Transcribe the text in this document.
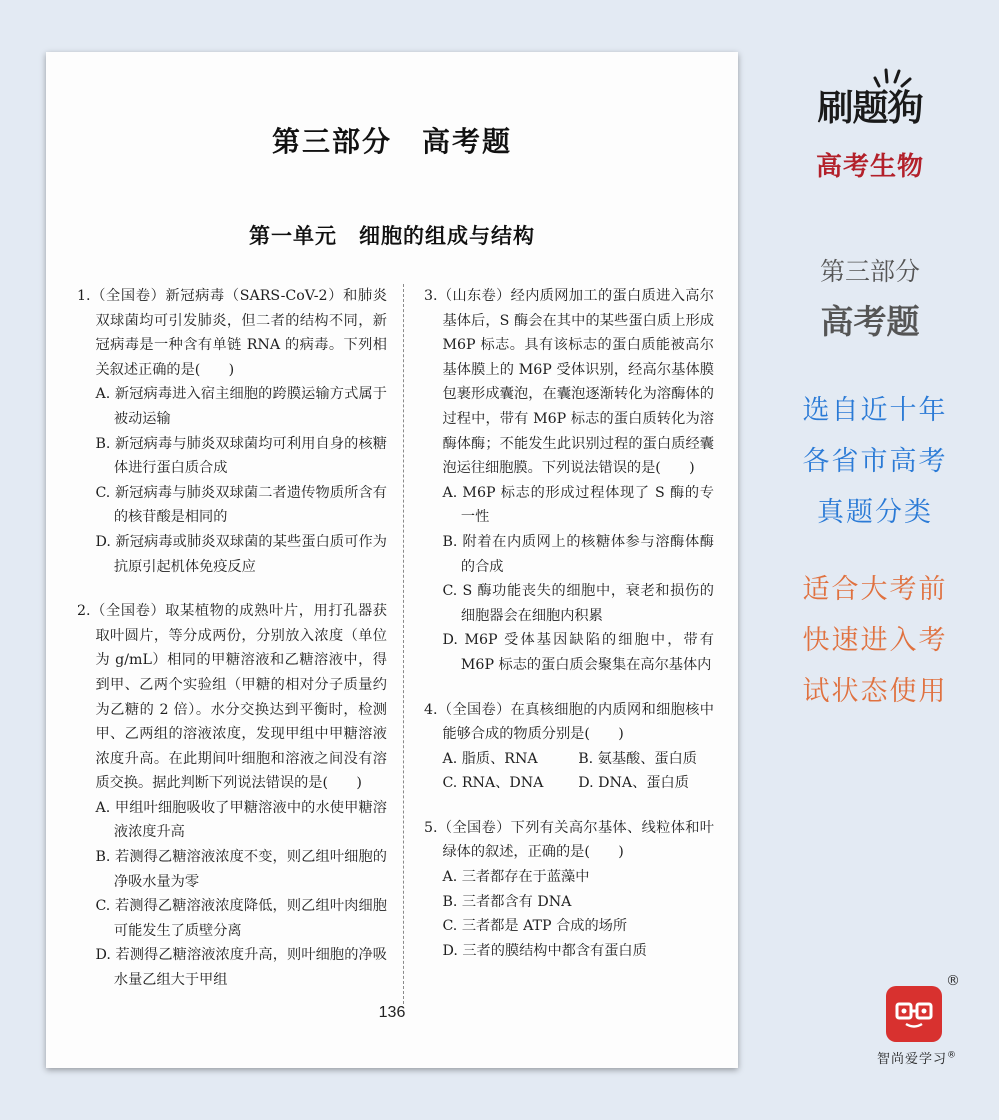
第三部分　高考题
第一单元　细胞的组成与结构
1.（全国卷）新冠病毒（SARS-CoV-2）和肺炎双球菌均可引发肺炎，但二者的结构不同，新冠病毒是一种含有单链 RNA 的病毒。下列相关叙述正确的是(　　)
A. 新冠病毒进入宿主细胞的跨膜运输方式属于被动运输
B. 新冠病毒与肺炎双球菌均可利用自身的核糖体进行蛋白质合成
C. 新冠病毒与肺炎双球菌二者遗传物质所含有的核苷酸是相同的
D. 新冠病毒或肺炎双球菌的某些蛋白质可作为抗原引起机体免疫反应
2.（全国卷）取某植物的成熟叶片，用打孔器获取叶圆片，等分成两份，分别放入浓度（单位为 g/mL）相同的甲糖溶液和乙糖溶液中，得到甲、乙两个实验组（甲糖的相对分子质量约为乙糖的 2 倍）。水分交换达到平衡时，检测甲、乙两组的溶液浓度，发现甲组中甲糖溶液浓度升高。在此期间叶细胞和溶液之间没有溶质交换。据此判断下列说法错误的是(　　)
A. 甲组叶细胞吸收了甲糖溶液中的水使甲糖溶液浓度升高
B. 若测得乙糖溶液浓度不变，则乙组叶细胞的净吸水量为零
C. 若测得乙糖溶液浓度降低，则乙组叶肉细胞可能发生了质壁分离
D. 若测得乙糖溶液浓度升高，则叶细胞的净吸水量乙组大于甲组
3.（山东卷）经内质网加工的蛋白质进入高尔基体后，S 酶会在其中的某些蛋白质上形成 M6P 标志。具有该标志的蛋白质能被高尔基体膜上的 M6P 受体识别，经高尔基体膜包裹形成囊泡，在囊泡逐渐转化为溶酶体的过程中，带有 M6P 标志的蛋白质转化为溶酶体酶；不能发生此识别过程的蛋白质经囊泡运往细胞膜。下列说法错误的是(　　)
A. M6P 标志的形成过程体现了 S 酶的专一性
B. 附着在内质网上的核糖体参与溶酶体酶的合成
C. S 酶功能丧失的细胞中，衰老和损伤的细胞器会在细胞内积累
D. M6P 受体基因缺陷的细胞中，带有 M6P 标志的蛋白质会聚集在高尔基体内
4.（全国卷）在真核细胞的内质网和细胞核中能够合成的物质分别是(　　)
A. 脂质、RNA	B. 氨基酸、蛋白质
C. RNA、DNA	D. DNA、蛋白质
5.（全国卷）下列有关高尔基体、线粒体和叶绿体的叙述，正确的是(　　)
A. 三者都存在于蓝藻中
B. 三者都含有 DNA
C. 三者都是 ATP 合成的场所
D. 三者的膜结构中都含有蛋白质
136
刷题狗
高考生物
第三部分
高考题
选自近十年
各省市高考
真题分类
适合大考前
快速进入考
试状态使用
®
智尚爱学习®
